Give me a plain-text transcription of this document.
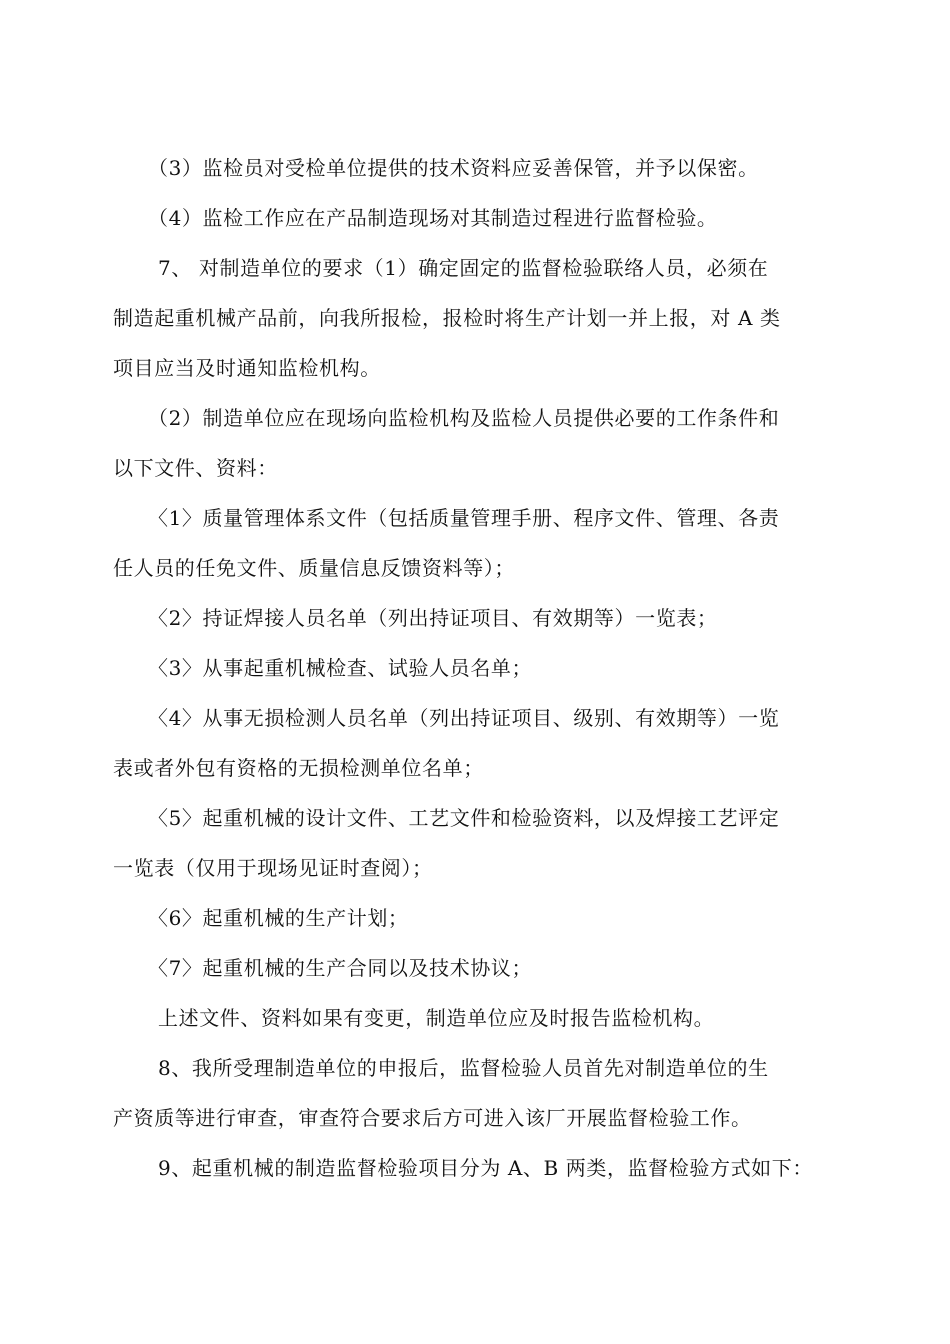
（3）监检员对受检单位提供的技术资料应妥善保管，并予以保密。
（4）监检工作应在产品制造现场对其制造过程进行监督检验。
7、 对制造单位的要求（1）确定固定的监督检验联络人员，必须在
制造起重机械产品前，向我所报检，报检时将生产计划一并上报，对 A 类
项目应当及时通知监检机构。
（2）制造单位应在现场向监检机构及监检人员提供必要的工作条件和
以下文件、资料：
〈1〉质量管理体系文件（包括质量管理手册、程序文件、管理、各责
任人员的任免文件、质量信息反馈资料等）；
〈2〉持证焊接人员名单（列出持证项目、有效期等）一览表；
〈3〉从事起重机械检查、试验人员名单；
〈4〉从事无损检测人员名单（列出持证项目、级别、有效期等）一览
表或者外包有资格的无损检测单位名单；
〈5〉起重机械的设计文件、工艺文件和检验资料，以及焊接工艺评定
一览表（仅用于现场见证时查阅）；
〈6〉起重机械的生产计划；
〈7〉起重机械的生产合同以及技术协议；
上述文件、资料如果有变更，制造单位应及时报告监检机构。
8、我所受理制造单位的申报后，监督检验人员首先对制造单位的生
产资质等进行审查，审查符合要求后方可进入该厂开展监督检验工作。
9、起重机械的制造监督检验项目分为 A、B 两类，监督检验方式如下：
